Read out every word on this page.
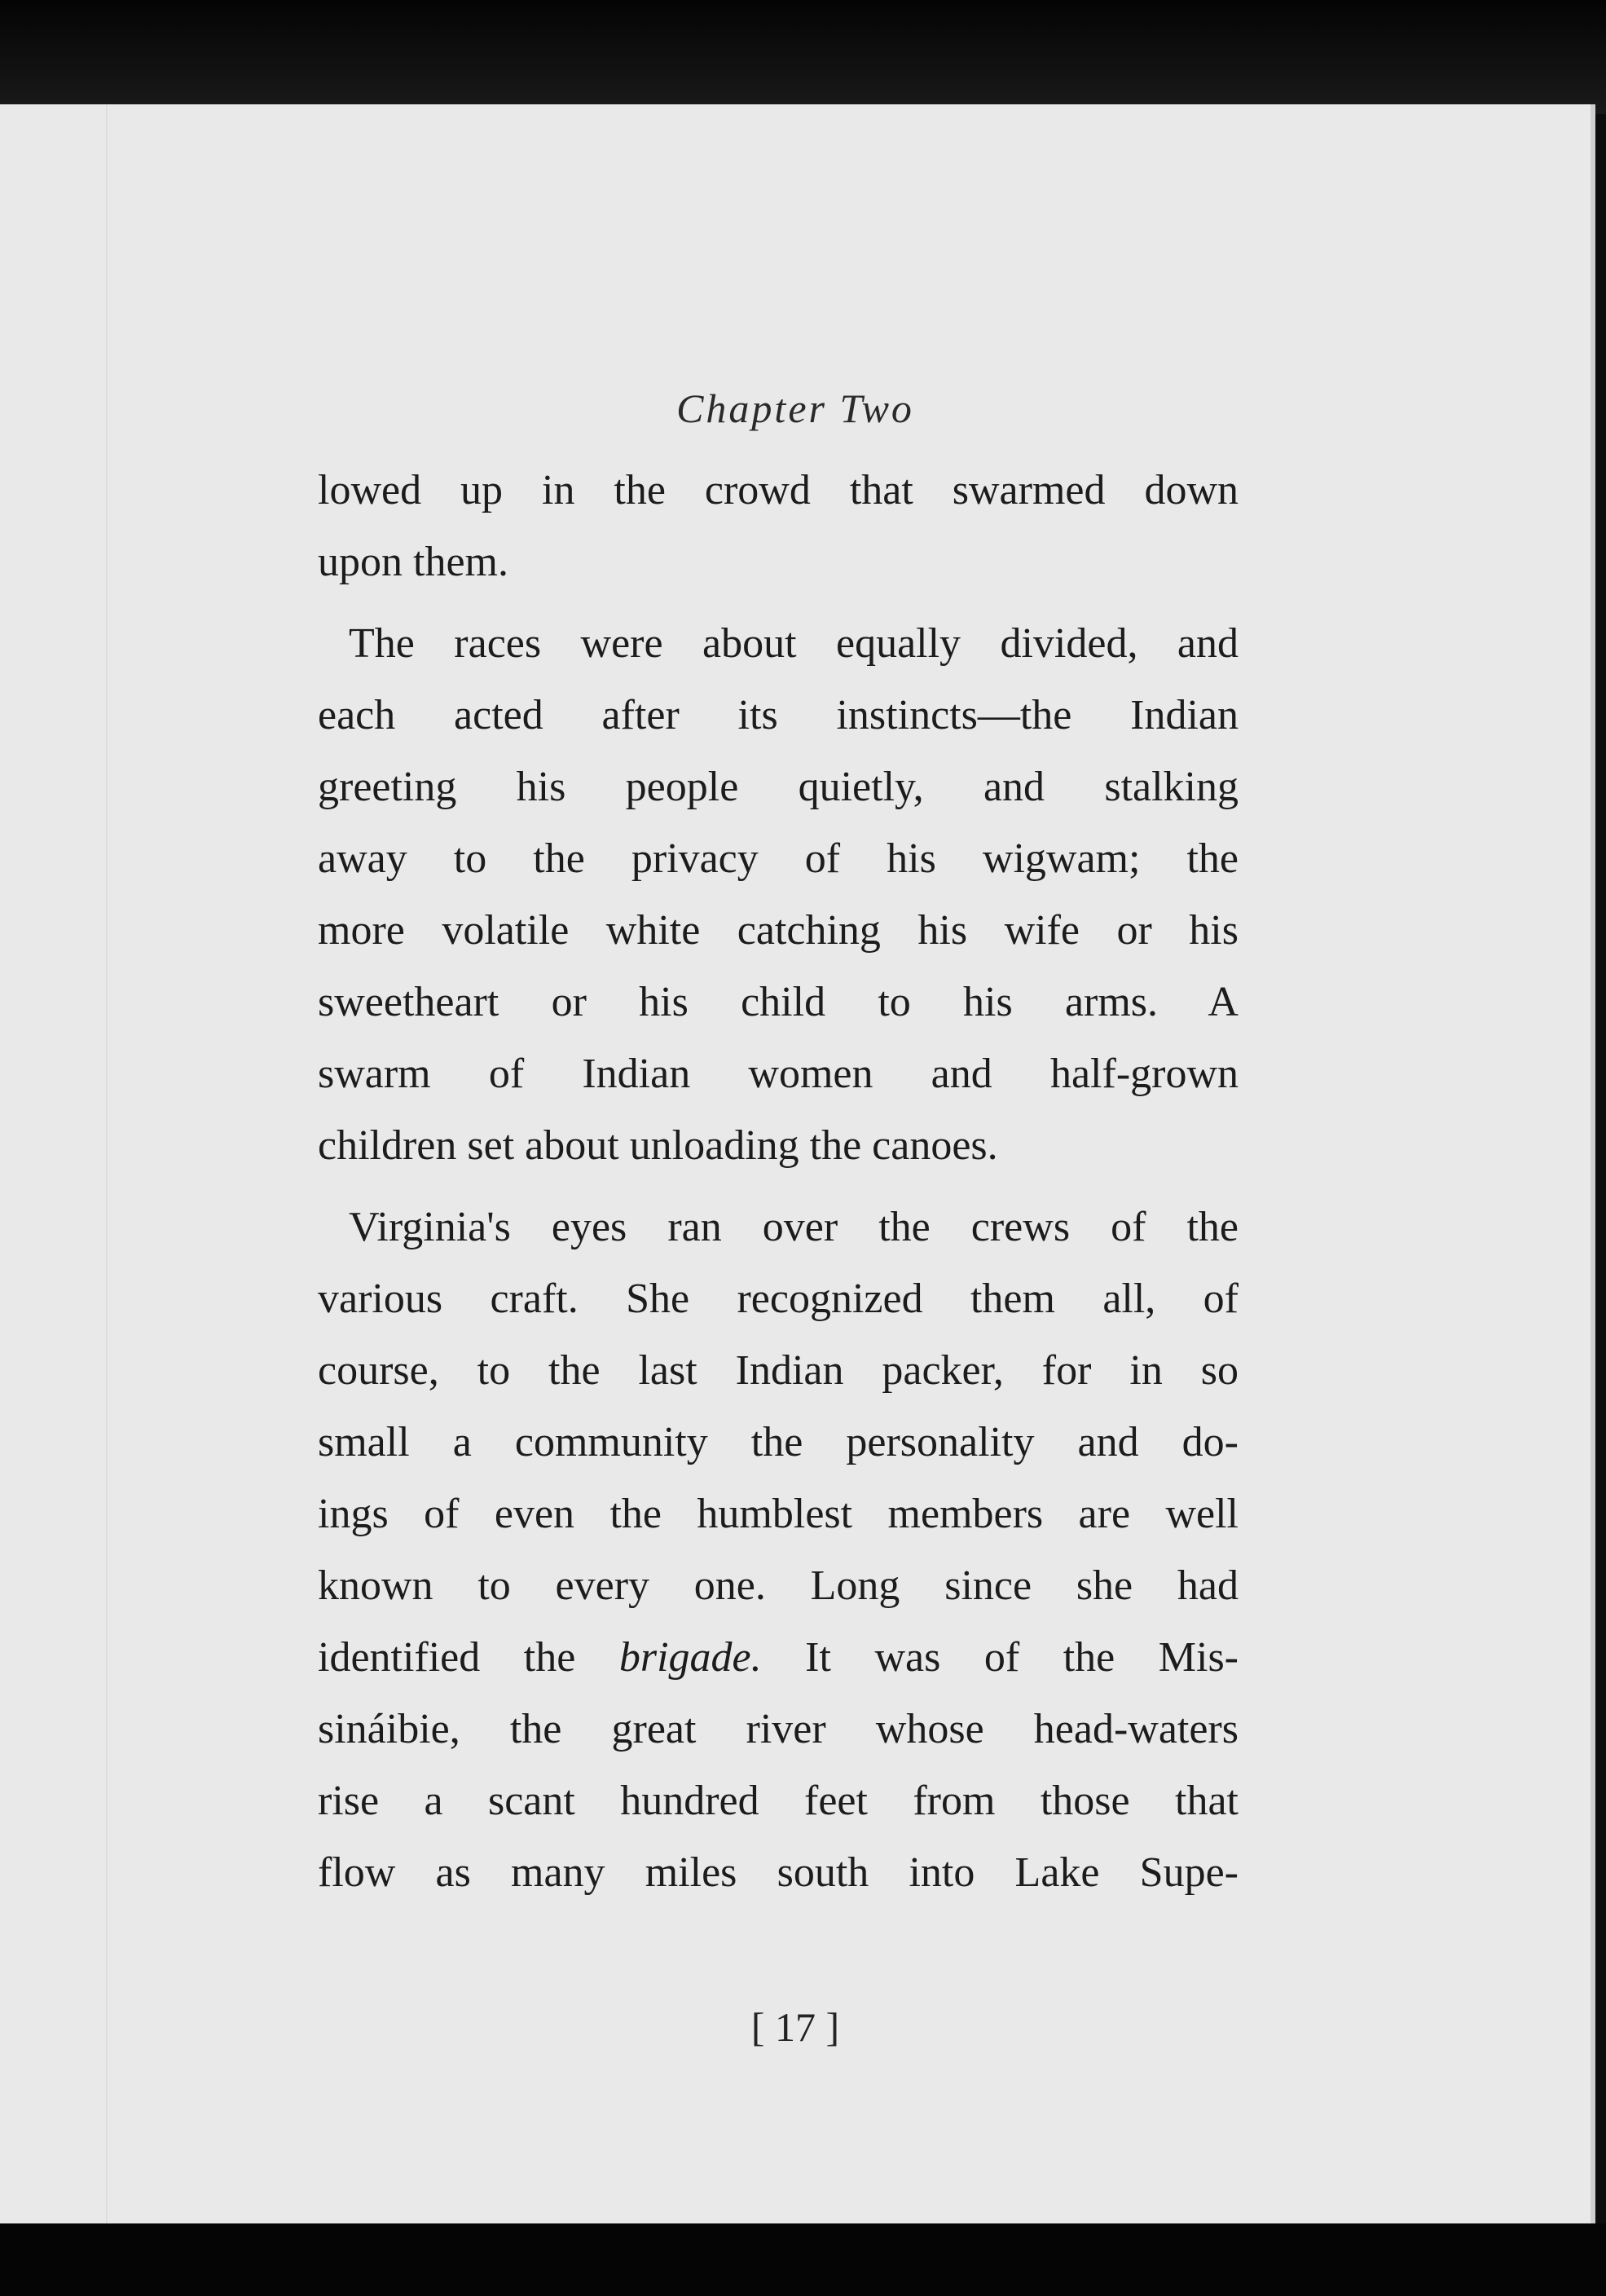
Chapter Two
lowed up in the crowd that swarmed down
upon them.
The races were about equally divided, and
each acted after its instincts—the Indian
greeting his people quietly, and stalking
away to the privacy of his wigwam; the
more volatile white catching his wife or his
sweetheart or his child to his arms. A
swarm of Indian women and half-grown
children set about unloading the canoes.
Virginia's eyes ran over the crews of the
various craft. She recognized them all, of
course, to the last Indian packer, for in so
small a community the personality and do-
ings of even the humblest members are well
known to every one. Long since she had
identified the brigade. It was of the Mis-
sináibie, the great river whose head-waters
rise a scant hundred feet from those that
flow as many miles south into Lake Supe-
[ 17 ]
